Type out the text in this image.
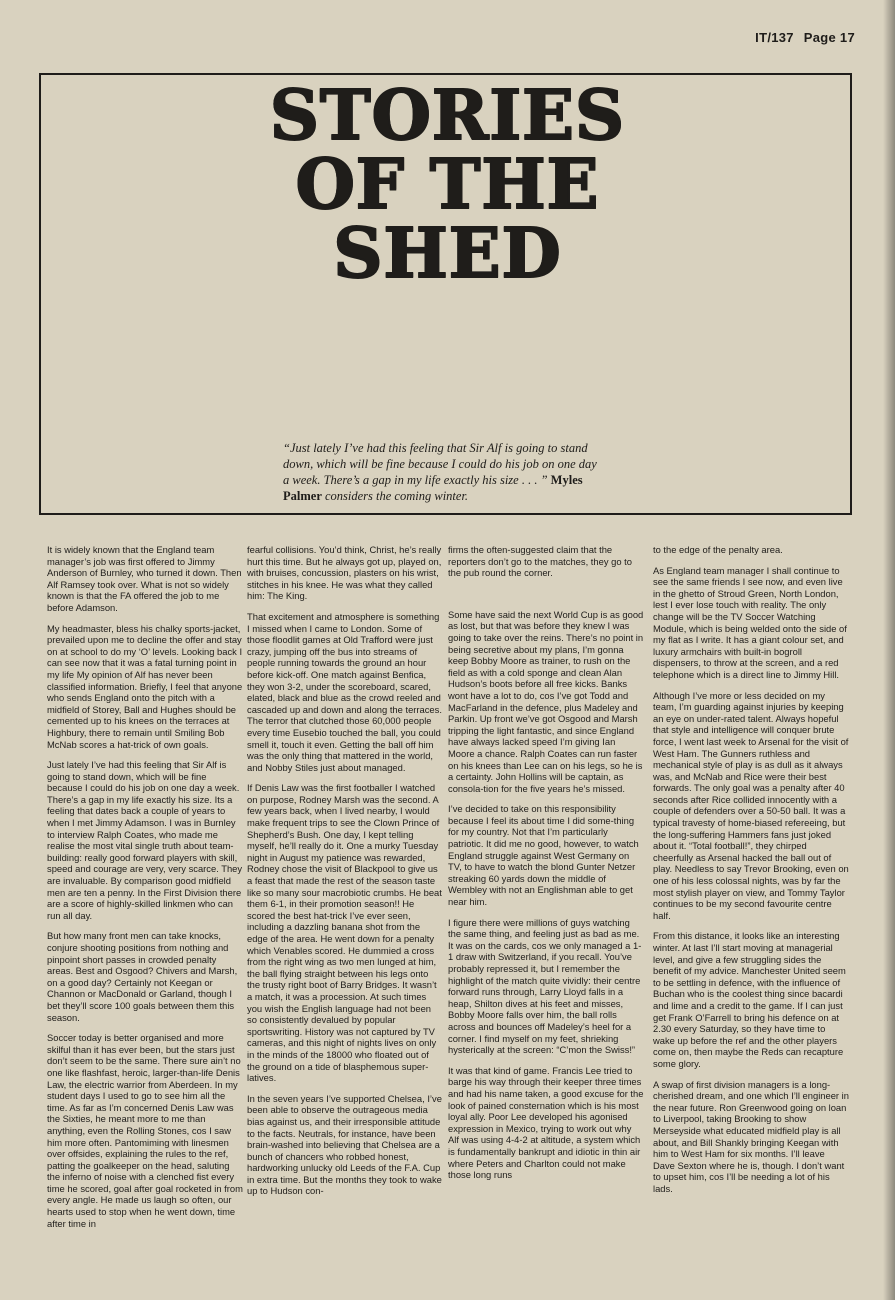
IT/137 Page 17
STORIES
OF THE
SHED
“Just lately I’ve had this feeling that Sir Alf is going to stand down, which will be fine because I could do his job on one day a week. There’s a gap in my life exactly his size . . . ” Myles Palmer considers the coming winter.

It is widely known that the England team manager’s job was first offered to Jimmy Anderson of Burnley, who turned it down. Then Alf Ramsey took over. What is not so widely known is that the FA offered the job to me before Adamson.

My headmaster, bless his chalky sports-jacket, prevailed upon me to decline the offer and stay on at school to do my ‘O’ levels. Looking back I can see now that it was a fatal turning point in my life My opinion of Alf has never been classified information. Briefly, I feel that anyone who sends England onto the pitch with a midfield of Storey, Ball and Hughes should be cemented up to his knees on the terraces at Highbury, there to remain until Smiling Bob McNab scores a hat-trick of own goals.

Just lately I’ve had this feeling that Sir Alf is going to stand down, which will be fine because I could do his job on one day a week. There’s a gap in my life exactly his size. Its a feeling that dates back a couple of years to when I met Jimmy Adamson. I was in Burnley to interview Ralph Coates, who made me realise the most vital single truth about team-building: really good forward players with skill, speed and courage are very, very scarce. They are invaluable. By comparison good midfield men are ten a penny. In the First Division there are a score of highly-skilled linkmen who can run all day.

But how many front men can take knocks, conjure shooting positions from nothing and pinpoint short passes in crowded penalty areas. Best and Osgood? Chivers and Marsh, on a good day? Certainly not Keegan or Channon or MacDonald or Garland, though I bet they’ll score 100 goals between them this season.

Soccer today is better organised and more skilful than it has ever been, but the stars just don’t seem to be the same. There sure ain’t no one like flashfast, heroic, larger-than-life Denis Law, the electric warrior from Aberdeen. In my student days I used to go to see him all the time. As far as I’m concerned Denis Law was the Sixties, he meant more to me than anything, even the Rolling Stones, cos I saw him more often. Pantomiming with linesmen over offsides, explaining the rules to the ref, patting the goalkeeper on the head, saluting the inferno of noise with a clenched fist every time he scored, goal after goal rocketed in from every angle. He made us laugh so often, our hearts used to stop when he went down, time after time in

fearful collisions. You’d think, Christ, he’s really hurt this time. But he always got up, played on, with bruises, concussion, plasters on his wrist, stitches in his knee. He was what they called him: The King.

That excitement and atmosphere is something I missed when I came to London. Some of those floodlit games at Old Trafford were just crazy, jumping off the bus into streams of people running towards the ground an hour before kick-off. One match against Benfica, they won 3-2, under the scoreboard, scared, elated, black and blue as the crowd reeled and cascaded up and down and along the terraces. The terror that clutched those 60,000 people every time Eusebio touched the ball, you could smell it, touch it even. Getting the ball off him was the only thing that mattered in the world, and Nobby Stiles just about managed.

If Denis Law was the first footballer I watched on purpose, Rodney Marsh was the second. A few years back, when I lived nearby, I would make frequent trips to see the Clown Prince of Shepherd’s Bush. One day, I kept telling myself, he’ll really do it. One a murky Tuesday night in August my patience was rewarded, Rodney chose the visit of Blackpool to give us a feast that made the rest of the season taste like so many sour macrobiotic crumbs. He beat them 6-1, in their promotion season!! He scored the best hat-trick I’ve ever seen, including a dazzling banana shot from the edge of the area. He went down for a penalty which Venables scored. He dummied a cross from the right wing as two men lunged at him, the ball flying straight between his legs onto the trusty right boot of Barry Bridges. It wasn’t a match, it was a procession. At such times you wish the English language had not been so consistently devalued by popular sportswriting. History was not captured by TV cameras, and this night of nights lives on only in the minds of the 18000 who floated out of the ground on a tide of blasphemous super-latives.

In the seven years I’ve supported Chelsea, I’ve been able to observe the outrageous media bias against us, and their irresponsible attitude to the facts. Neutrals, for instance, have been brain-washed into believing that Chelsea are a bunch of chancers who robbed honest, hardworking unlucky old Leeds of the F.A. Cup in extra time. But the months they took to wake up to Hudson con-

firms the often-suggested claim that the reporters don’t go to the matches, they go to the pub round the corner.

Some have said the next World Cup is as good as lost, but that was before they knew I was going to take over the reins. There’s no point in being secretive about my plans, I’m gonna keep Bobby Moore as trainer, to rush on the field as with a cold sponge and clean Alan Hudson’s boots before all free kicks. Banks wont have a lot to do, cos I’ve got Todd and MacFarland in the defence, plus Madeley and Parkin. Up front we’ve got Osgood and Marsh tripping the light fantastic, and since England have always lacked speed I’m giving Ian Moore a chance. Ralph Coates can run faster on his knees than Lee can on his legs, so he is a certainty. John Hollins will be captain, as consola-tion for the five years he’s missed.

I’ve decided to take on this responsibility because I feel its about time I did some-thing for my country. Not that I’m particularly patriotic. It did me no good, however, to watch England struggle against West Germany on TV, to have to watch the blond Gunter Netzer streaking 60 yards down the middle of Wembley with not an Englishman able to get near him.

I figure there were millions of guys watching the same thing, and feeling just as bad as me. It was on the cards, cos we only managed a 1-1 draw with Switzerland, if you recall. You’ve probably repressed it, but I remember the highlight of the match quite vividly: their centre forward runs through, Larry Lloyd falls in a heap, Shilton dives at his feet and misses, Bobby Moore falls over him, the ball rolls across and bounces off Madeley’s heel for a corner. I find myself on my feet, shrieking hysterically at the screen: “C’mon the Swiss!”

It was that kind of game. Francis Lee tried to barge his way through their keeper three times and had his name taken, a good excuse for the look of pained consternation which is his most loyal ally. Poor Lee developed his agonised expression in Mexico, trying to work out why Alf was using 4-4-2 at altitude, a system which is fundamentally bankrupt and idiotic in thin air where Peters and Charlton could not make those long runs

to the edge of the penalty area.

As England team manager I shall continue to see the same friends I see now, and even live in the ghetto of Stroud Green, North London, lest I ever lose touch with reality. The only change will be the TV Soccer Watching Module, which is being welded onto the side of my flat as I write. It has a giant colour set, and luxury armchairs with built-in bogroll dispensers, to throw at the screen, and a red telephone which is a direct line to Jimmy Hill.

Although I’ve more or less decided on my team, I’m guarding against injuries by keeping an eye on under-rated talent. Always hopeful that style and intelligence will conquer brute force, I went last week to Arsenal for the visit of West Ham. The Gunners ruthless and mechanical style of play is as dull as it always was, and McNab and Rice were their best forwards. The only goal was a penalty after 40 seconds after Rice collided innocently with a couple of defenders over a 50-50 ball. It was a typical travesty of home-biased refereeing, but the long-suffering Hammers fans just joked about it. “Total football!”, they chirped cheerfully as Arsenal hacked the ball out of play. Needless to say Trevor Brooking, even on one of his less colossal nights, was by far the most stylish player on view, and Tommy Taylor continues to be my second favourite centre half.

From this distance, it looks like an interesting winter. At last I’ll start moving at managerial level, and give a few struggling sides the benefit of my advice. Manchester United seem to be settling in defence, with the influence of Buchan who is the coolest thing since bacardi and lime and a credit to the game. If I can just get Frank O’Farrell to bring his defence on at 2.30 every Saturday, so they have time to wake up before the ref and the other players come on, then maybe the Reds can recapture some glory.

A swap of first division managers is a long-cherished dream, and one which I’ll engineer in the near future. Ron Greenwood going on loan to Liverpool, taking Brooking to show Merseyside what educated midfield play is all about, and Bill Shankly bringing Keegan with him to West Ham for six months. I’ll leave Dave Sexton where he is, though. I don’t want to upset him, cos I’ll be needing a lot of his lads.
